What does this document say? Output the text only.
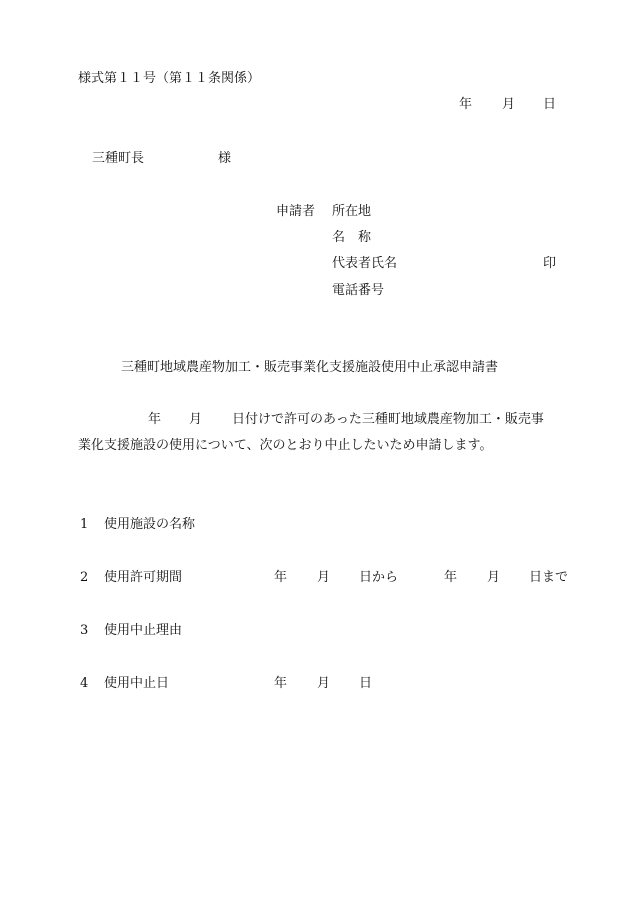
様式第１１号（第１１条関係）
年 月 日
三種町長	様
申請者 所在地
名　称
代表者氏名	印
電話番号
三種町地域農産物加工・販売事業化支援施設使用中止承認申請書
年 月 日付けで許可のあった三種町地域農産物加工・販売事
業化支援施設の使用について、次のとおり中止したいため申請します。
1 使用施設の名称
2 使用許可期間	年 月 日から	年 月 日まで
3 使用中止理由
4 使用中止日	年 月 日
